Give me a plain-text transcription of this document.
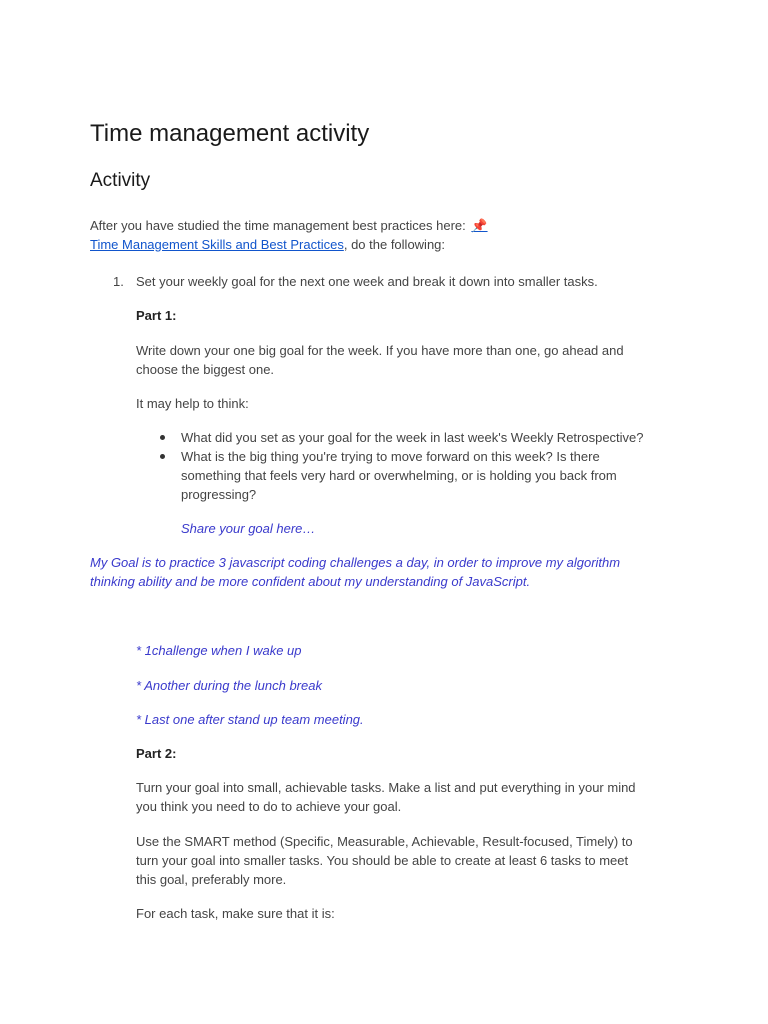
Time management activity
Activity
After you have studied the time management best practices here: 📌
Time Management Skills and Best Practices, do the following:
1. Set your weekly goal for the next one week and break it down into smaller tasks.
Part 1:
Write down your one big goal for the week. If you have more than one, go ahead and
choose the biggest one.
It may help to think:
What did you set as your goal for the week in last week's Weekly Retrospective?
What is the big thing you're trying to move forward on this week? Is there
something that feels very hard or overwhelming, or is holding you back from
progressing?
Share your goal here…
My Goal is to practice 3 javascript coding challenges a day, in order to improve my algorithm
thinking ability and be more confident about my understanding of JavaScript.
* 1challenge when I wake up
* Another during the lunch break
* Last one after stand up team meeting.
Part 2:
Turn your goal into small, achievable tasks. Make a list and put everything in your mind
you think you need to do to achieve your goal.
Use the SMART method (Specific, Measurable, Achievable, Result-focused, Timely) to
turn your goal into smaller tasks. You should be able to create at least 6 tasks to meet
this goal, preferably more.
For each task, make sure that it is:
